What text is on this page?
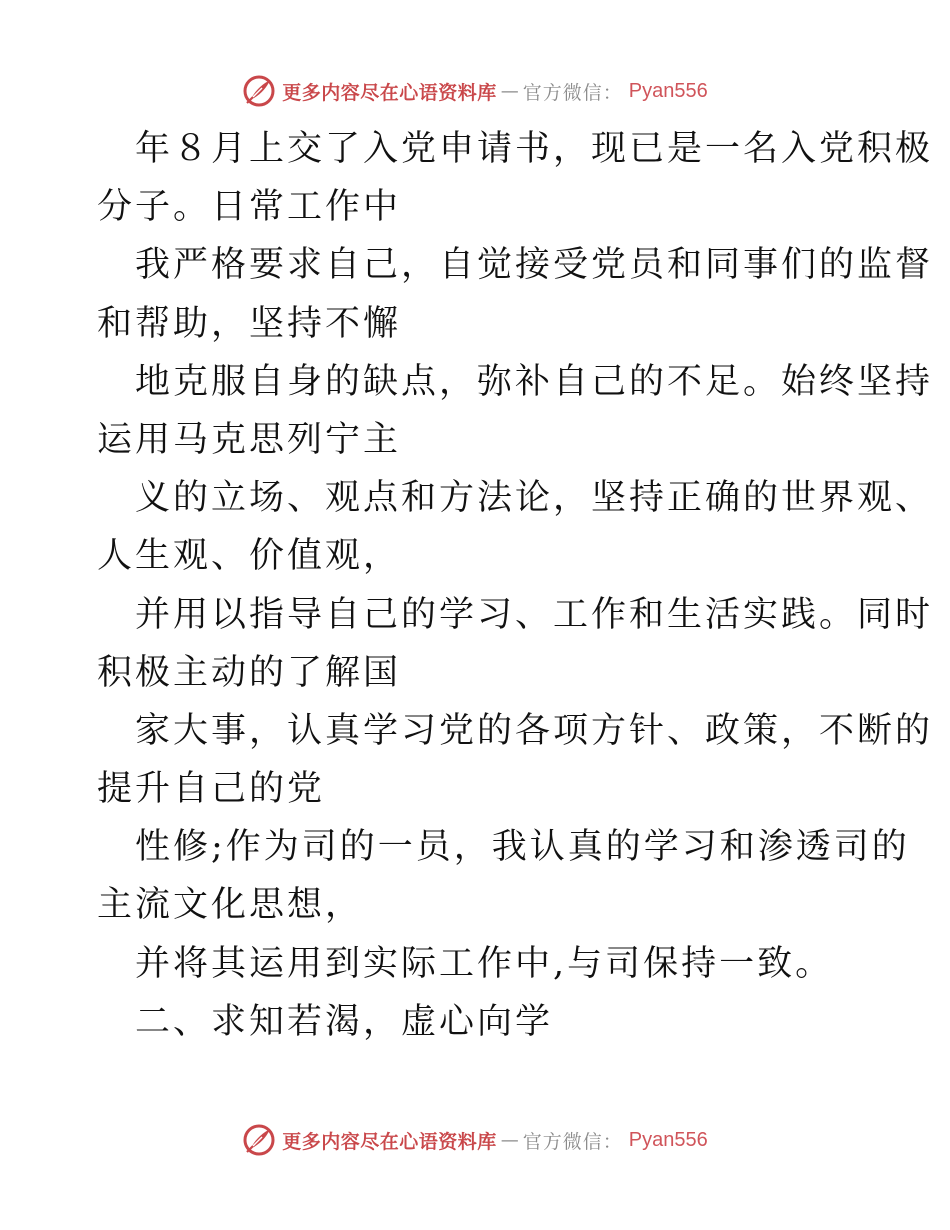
更多内容尽在心语资料库 — 官方微信： Pyan556
年８月上交了入党申请书，现已是一名入党积极
分子。日常工作中
我严格要求自己，自觉接受党员和同事们的监督
和帮助，坚持不懈
地克服自身的缺点，弥补自己的不足。始终坚持
运用马克思列宁主
义的立场、观点和方法论，坚持正确的世界观、
人生观、价值观，
并用以指导自己的学习、工作和生活实践。同时
积极主动的了解国
家大事，认真学习党的各项方针、政策，不断的
提升自己的党
性修;作为司的一员，我认真的学习和渗透司的
主流文化思想，
并将其运用到实际工作中,与司保持一致。
二、求知若渴，虚心向学
更多内容尽在心语资料库 — 官方微信： Pyan556
